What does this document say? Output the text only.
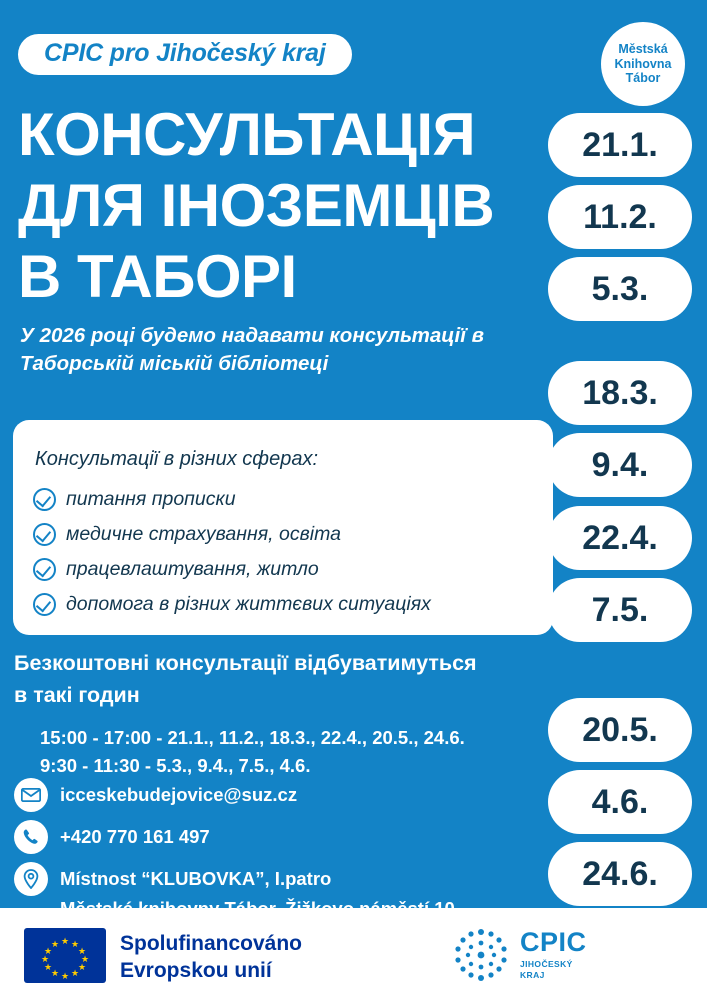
CPIC pro Jihočeský kraj	Městská
Knihovna
Tábor
КОНСУЛЬТАЦІЯ
ДЛЯ ІНОЗЕМЦІВ
В ТАБОРІ
У 2026 році будемо надавати консультації в
Таборській міській бібліотеці
Консультації в різних сферах:
питання прописки
медичне страхування, освіта
працевлаштування, житло
допомога в різних життєвих ситуаціях
21.1.
11.2.
5.3.
18.3.
9.4.
22.4.
7.5.
20.5.
4.6.
24.6.
Безкоштовні консультації відбуватимуться
в такі годин
15:00 - 17:00 - 21.1., 11.2., 18.3., 22.4., 20.5., 24.6.
9:30 - 11:30 - 5.3., 9.4., 7.5., 4.6.
icceskebudejovice@suz.cz
+420 770 161 497
Místnost “KLUBOVKA”, I.patro
★
★ ★
★	★
★	★
★	★
★ ★
★
Spolufinancováno
Evropskou unií
CPIC
JIHOČESKÝ
KRAJ
